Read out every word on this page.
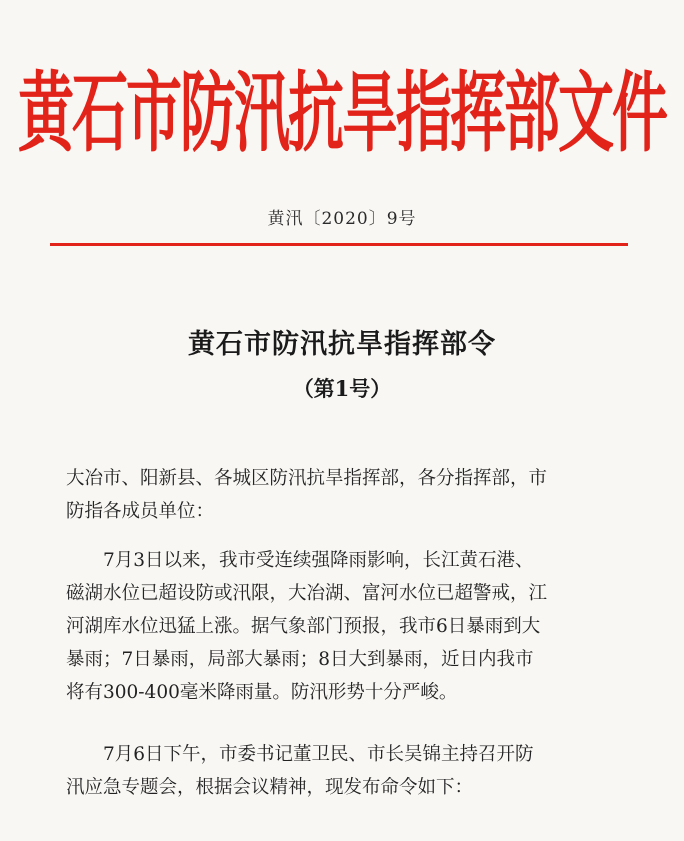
黄石市防汛抗旱指挥部文件
黄汛〔2020〕9号
黄石市防汛抗旱指挥部令
（第1号）
大冶市、阳新县、各城区防汛抗旱指挥部，各分指挥部，市
防指各成员单位：
7月3日以来，我市受连续强降雨影响，长江黄石港、
磁湖水位已超设防或汛限，大冶湖、富河水位已超警戒，江
河湖库水位迅猛上涨。据气象部门预报，我市6日暴雨到大
暴雨；7日暴雨，局部大暴雨；8日大到暴雨，近日内我市
将有300-400毫米降雨量。防汛形势十分严峻。
7月6日下午，市委书记董卫民、市长吴锦主持召开防
汛应急专题会，根据会议精神，现发布命令如下：
